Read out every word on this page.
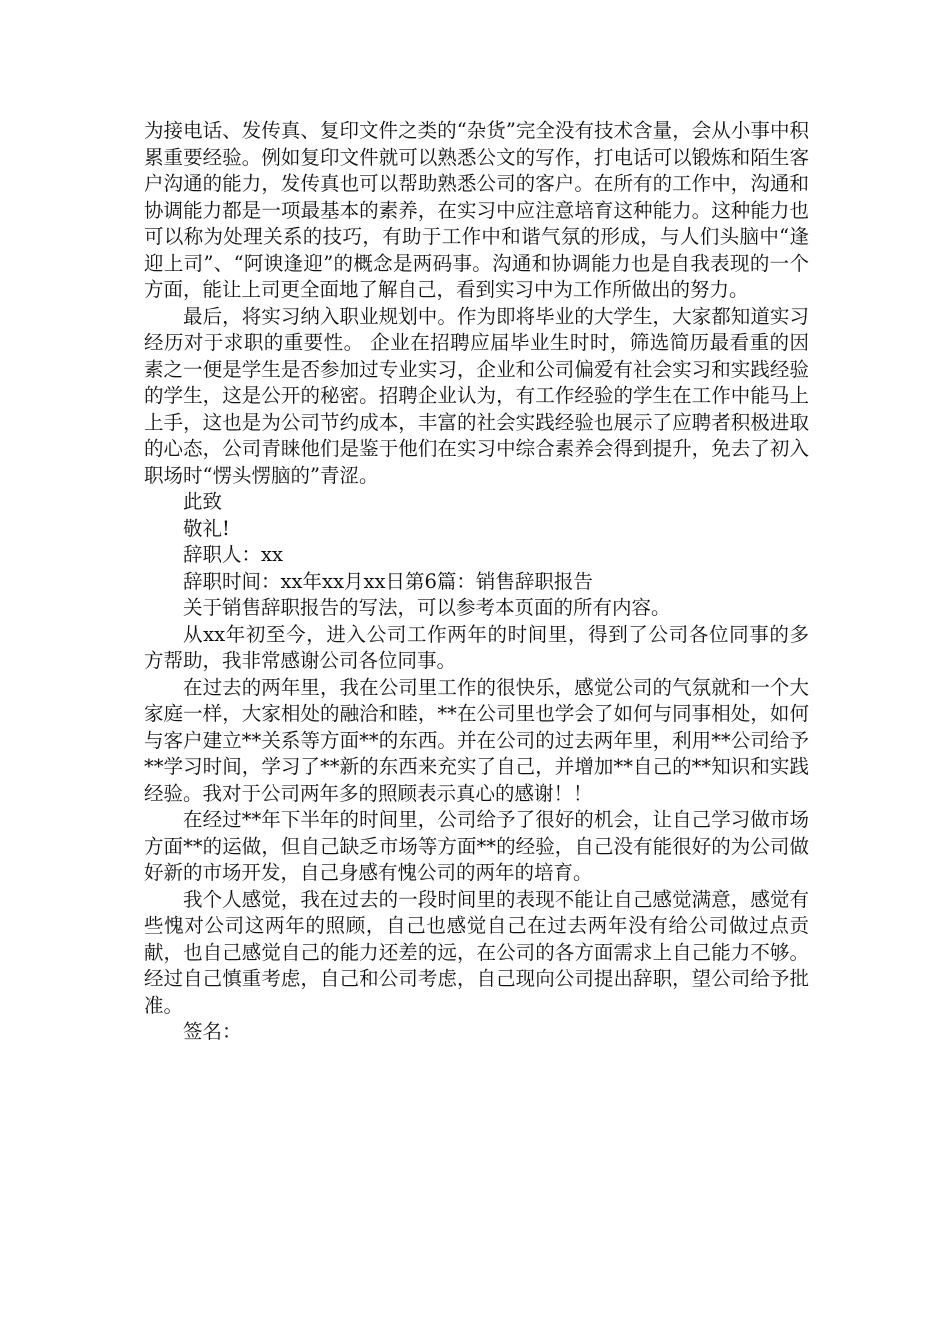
为接电话、发传真、复印文件之类的“杂货”完全没有技术含量，会从小事中积累重要经验。例如复印文件就可以熟悉公文的写作，打电话可以锻炼和陌生客户沟通的能力，发传真也可以帮助熟悉公司的客户。在所有的工作中，沟通和协调能力都是一项最基本的素养，在实习中应注意培育这种能力。这种能力也可以称为处理关系的技巧，有助于工作中和谐气氛的形成，与人们头脑中“逢迎上司”、“阿谀逢迎”的概念是两码事。沟通和协调能力也是自我表现的一个方面，能让上司更全面地了解自己，看到实习中为工作所做出的努力。

最后，将实习纳入职业规划中。作为即将毕业的大学生，大家都知道实习经历对于求职的重要性。 企业在招聘应届毕业生时时，筛选简历最看重的因素之一便是学生是否参加过专业实习，企业和公司偏爱有社会实习和实践经验的学生，这是公开的秘密。招聘企业认为，有工作经验的学生在工作中能马上上手，这也是为公司节约成本，丰富的社会实践经验也展示了应聘者积极进取的心态，公司青睐他们是鉴于他们在实习中综合素养会得到提升，免去了初入职场时“愣头愣脑的”青涩。

此致

敬礼!

辞职人：xx

辞职时间：xx年xx月xx日第6篇：销售辞职报告

关于销售辞职报告的写法，可以参考本页面的所有内容。

从xx年初至今，进入公司工作两年的时间里，得到了公司各位同事的多方帮助，我非常感谢公司各位同事。

在过去的两年里，我在公司里工作的很快乐，感觉公司的气氛就和一个大家庭一样，大家相处的融洽和睦，**在公司里也学会了如何与同事相处，如何与客户建立**关系等方面**的东西。并在公司的过去两年里，利用**公司给予**学习时间，学习了**新的东西来充实了自己，并增加**自己的**知识和实践经验。我对于公司两年多的照顾表示真心的感谢！！

在经过**年下半年的时间里，公司给予了很好的机会，让自己学习做市场方面**的运做，但自己缺乏市场等方面**的经验，自己没有能很好的为公司做好新的市场开发，自己身感有愧公司的两年的培育。

我个人感觉，我在过去的一段时间里的表现不能让自己感觉满意，感觉有些愧对公司这两年的照顾，自己也感觉自己在过去两年没有给公司做过点贡献，也自己感觉自己的能力还差的远，在公司的各方面需求上自己能力不够。经过自己慎重考虑，自己和公司考虑，自己现向公司提出辞职，望公司给予批准。

签名：
